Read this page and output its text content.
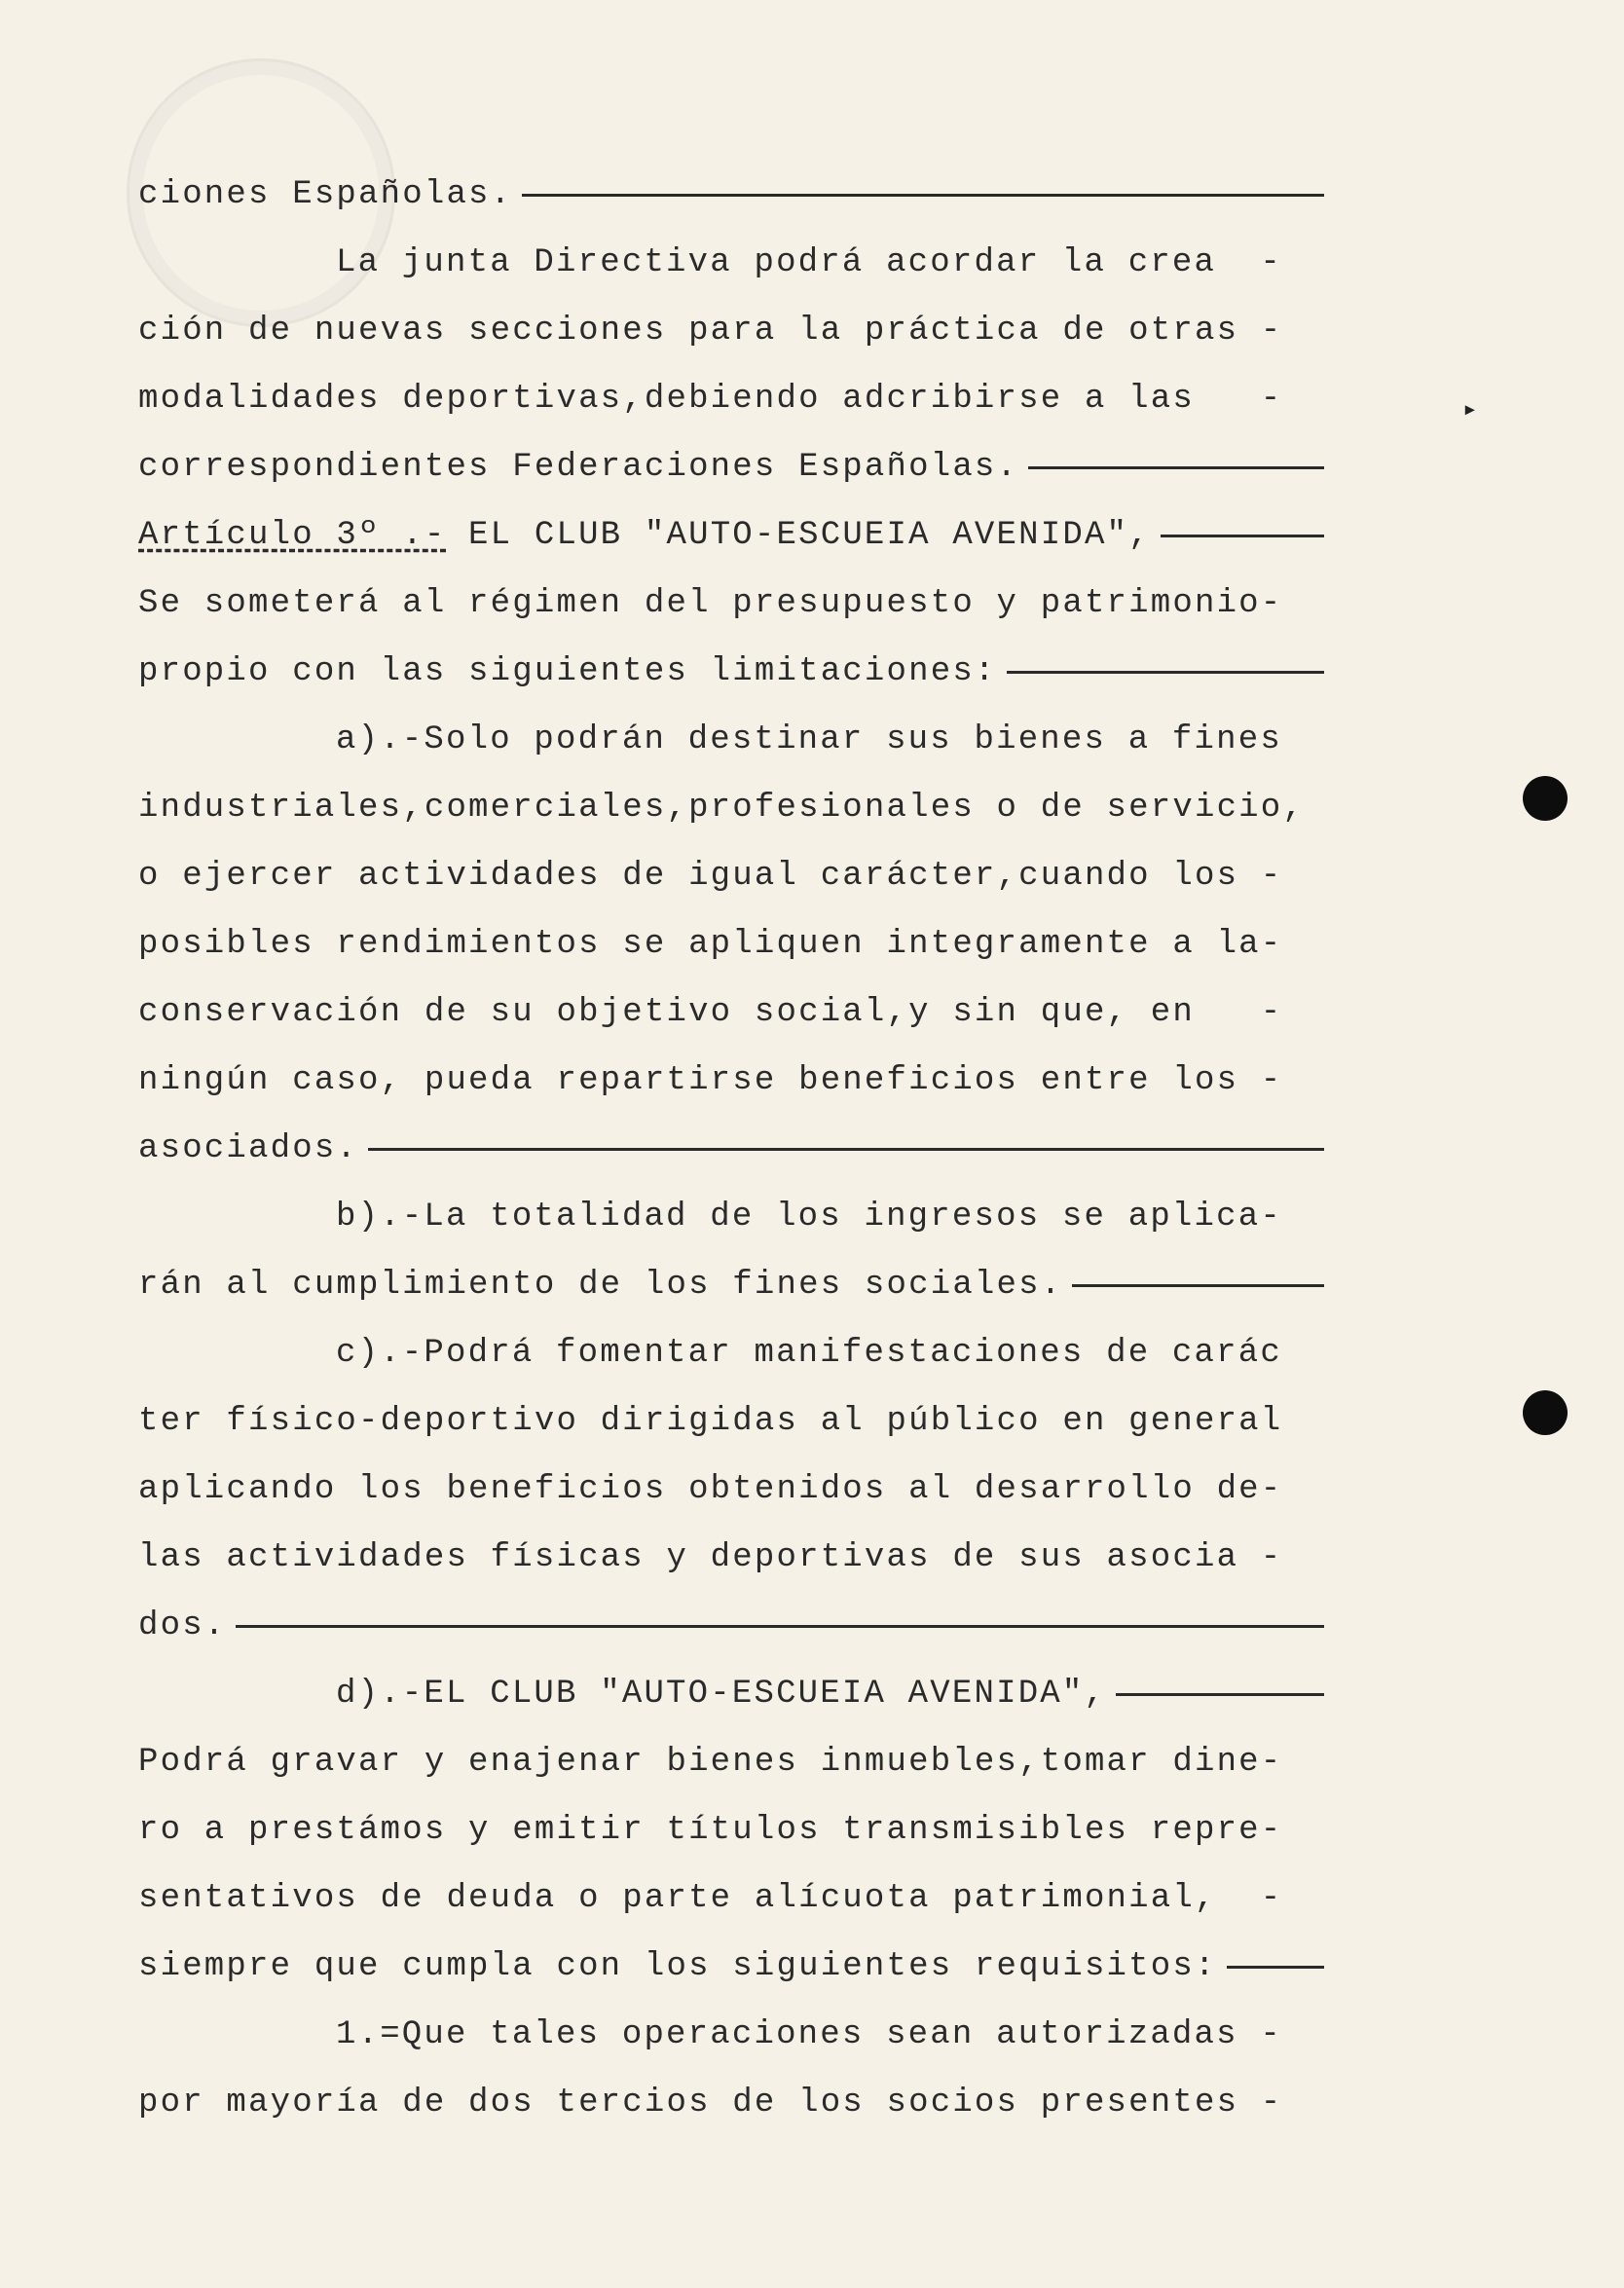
▸
ciones Españolas.
La junta Directiva podrá acordar la crea  -
ción de nuevas secciones para la práctica de otras -
modalidades deportivas,debiendo adcribirse a las   -
correspondientes Federaciones Españolas.
Artículo 3º .- EL CLUB "AUTO-ESCUEIA AVENIDA",
Se someterá al régimen del presupuesto y patrimonio-
propio con las siguientes limitaciones:
a).-Solo podrán destinar sus bienes a fines
industriales,comerciales,profesionales o de servicio,
o ejercer actividades de igual carácter,cuando los -
posibles rendimientos se apliquen integramente a la-
conservación de su objetivo social,y sin que, en   -
ningún caso, pueda repartirse beneficios entre los -
asociados.
b).-La totalidad de los ingresos se aplica-
rán al cumplimiento de los fines sociales.
c).-Podrá fomentar manifestaciones de carác
ter físico-deportivo dirigidas al público en general
aplicando los beneficios obtenidos al desarrollo de-
las actividades físicas y deportivas de sus asocia -
dos.
d).-EL CLUB "AUTO-ESCUEIA AVENIDA",
Podrá gravar y enajenar bienes inmuebles,tomar dine-
ro a prestámos y emitir títulos transmisibles repre-
sentativos de deuda o parte alícuota patrimonial,  -
siempre que cumpla con los siguientes requisitos:
1.=Que tales operaciones sean autorizadas -
por mayoría de dos tercios de los socios presentes -
